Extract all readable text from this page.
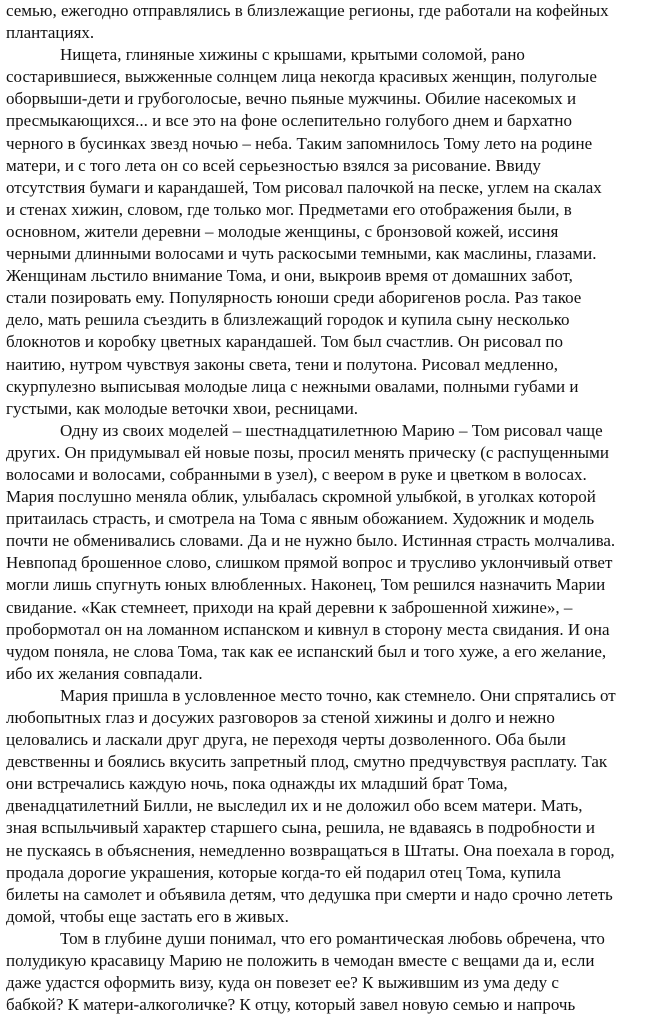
семью, ежегодно отправлялись в близлежащие регионы, где работали на кофейных
плантациях.
Нищета, глиняные хижины с крышами, крытыми соломой, рано
состарившиеся, выжженные солнцем лица некогда красивых женщин, полуголые
оборвыши-дети и грубоголосые, вечно пьяные мужчины. Обилие насекомых и
пресмыкающихся... и все это на фоне ослепительно голубого днем и бархатно
черного в бусинках звезд ночью – неба. Таким запомнилось Тому лето на родине
матери, и с того лета он со всей серьезностью взялся за рисование. Ввиду
отсутствия бумаги и карандашей, Том рисовал палочкой на песке, углем на скалах
и стенах хижин, словом, где только мог. Предметами его отображения были, в
основном, жители деревни – молодые женщины, с бронзовой кожей, иссиня
черными длинными волосами и чуть раскосыми темными, как маслины, глазами.
Женщинам льстило внимание Тома, и они, выкроив время от домашних забот,
стали позировать ему. Популярность юноши среди аборигенов росла. Раз такое
дело, мать решила съездить в близлежащий городок и купила сыну несколько
блокнотов и коробку цветных карандашей. Том был счастлив. Он рисовал по
наитию, нутром чувствуя законы света, тени и полутона. Рисовал медленно,
скурпулезно выписывая молодые лица с нежными овалами, полными губами и
густыми, как молодые веточки хвои, ресницами.
Одну из своих моделей – шестнадцатилетнюю Марию – Том рисовал чаще
других. Он придумывал ей новые позы, просил менять прическу (с распущенными
волосами и волосами, собранными в узел), с веером в руке и цветком в волосах.
Мария послушно меняла облик, улыбалась скромной улыбкой, в уголках которой
притаилась страсть, и смотрела на Тома с явным обожанием. Художник и модель
почти не обменивались словами. Да и не нужно было. Истинная страсть молчалива.
Невпопад брошенное слово, слишком прямой вопрос и трусливо уклончивый ответ
могли лишь спугнуть юных влюбленных. Наконец, Том решился назначить Марии
свидание. «Как стемнеет, приходи на край деревни к заброшенной хижине», –
пробормотал он на ломанном испанском и кивнул в сторону места свидания. И она
чудом поняла, не слова Тома, так как ее испанский был и того хуже, а его желание,
ибо их желания совпадали.
Мария пришла в условленное место точно, как стемнело. Они спрятались от
любопытных глаз и досужих разговоров за стеной хижины и долго и нежно
целовались и ласкали друг друга, не переходя черты дозволенного. Оба были
девственны и боялись вкусить запретный плод, смутно предчувствуя расплату. Так
они встречались каждую ночь, пока однажды их младший брат Тома,
двенадцатилетний Билли, не выследил их и не доложил обо всем матери. Мать,
зная вспыльчивый характер старшего сына, решила, не вдаваясь в подробности и
не пускаясь в объяснения, немедленно возвращаться в Штаты. Она поехала в город,
продала дорогие украшения, которые когда-то ей подарил отец Тома, купила
билеты на самолет и объявила детям, что дедушка при смерти и надо срочно лететь
домой, чтобы еще застать его в живых.
Том в глубине души понимал, что его романтическая любовь обречена, что
полудикую красавицу Марию не положить в чемодан вместе с вещами да и, если
даже удастся оформить визу, куда он повезет ее? К выжившим из ума деду с
бабкой? К матери-алкоголичке? К отцу, который завел новую семью и напрочь
